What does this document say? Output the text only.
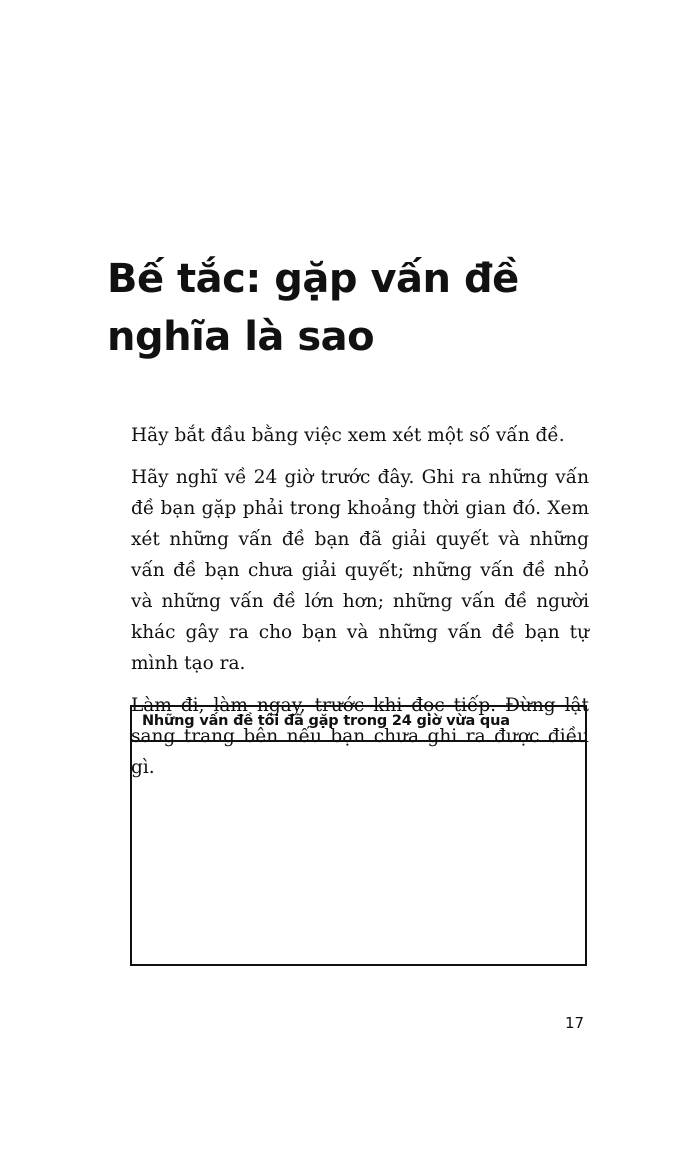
Bế tắc: gặp vấn đề
nghĩa là sao

Hãy bắt đầu bằng việc xem xét một số vấn đề.

Hãy nghĩ về 24 giờ trước đây. Ghi ra những vấn đề bạn gặp phải trong khoảng thời gian đó. Xem xét những vấn đề bạn đã giải quyết và những vấn đề bạn chưa giải quyết; những vấn đề nhỏ và những vấn đề lớn hơn; những vấn đề người khác gây ra cho bạn và những vấn đề bạn tự mình tạo ra.

Làm đi, làm ngay, trước khi đọc tiếp. Đừng lật sang trang bên nếu bạn chưa ghi ra được điều gì.

Những vấn đề tôi đã gặp trong 24 giờ vừa qua
17
